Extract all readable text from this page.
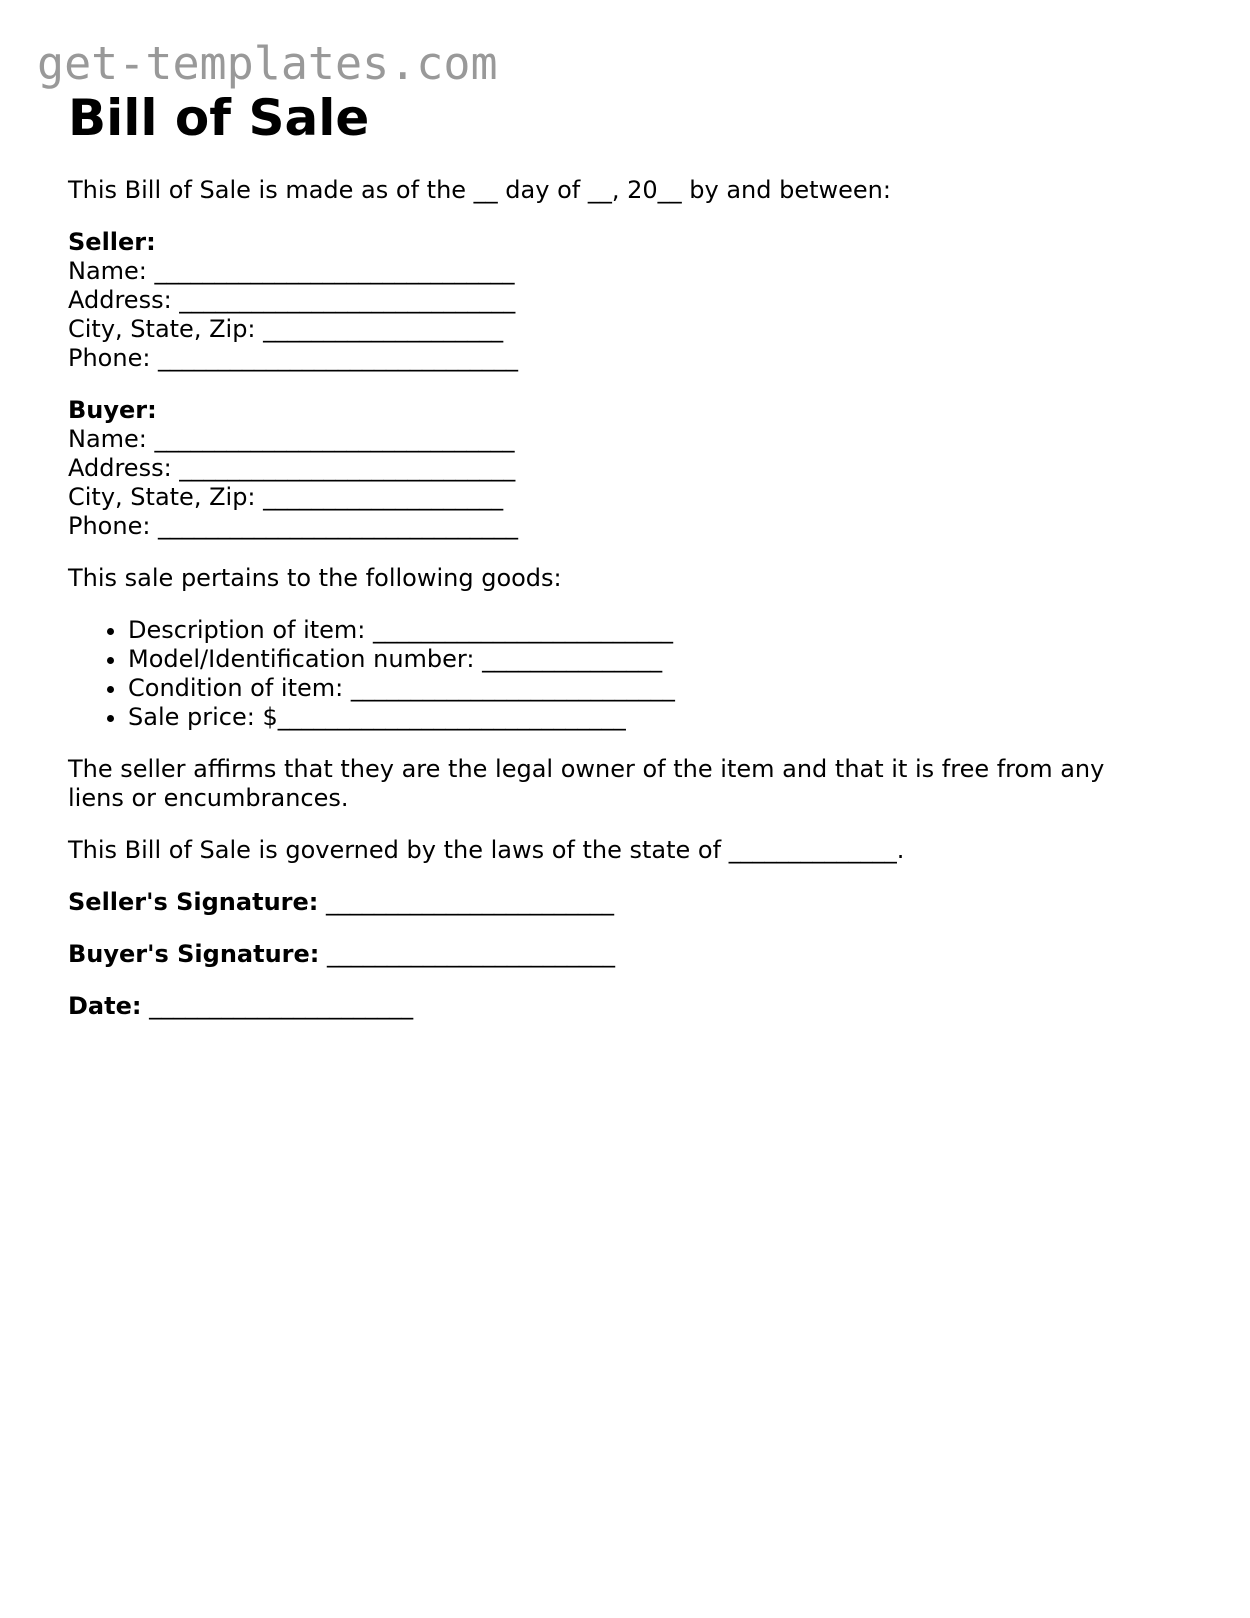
get-templates.com
Bill of Sale

This Bill of Sale is made as of the __ day of __, 20__ by and between:

Seller:
Name: ______________________________
Address: ____________________________
City, State, Zip: ____________________
Phone: ______________________________
Buyer:
Name: ______________________________
Address: ____________________________
City, State, Zip: ____________________
Phone: ______________________________

This sale pertains to the following goods:

• Description of item: _________________________
• Model/Identification number: _______________
• Condition of item: ___________________________
• Sale price: $_____________________________

The seller affirms that they are the legal owner of the item and that it is free from any liens or encumbrances.

This Bill of Sale is governed by the laws of the state of ______________.

Seller's Signature: ________________________

Buyer's Signature: ________________________

Date: ______________________
